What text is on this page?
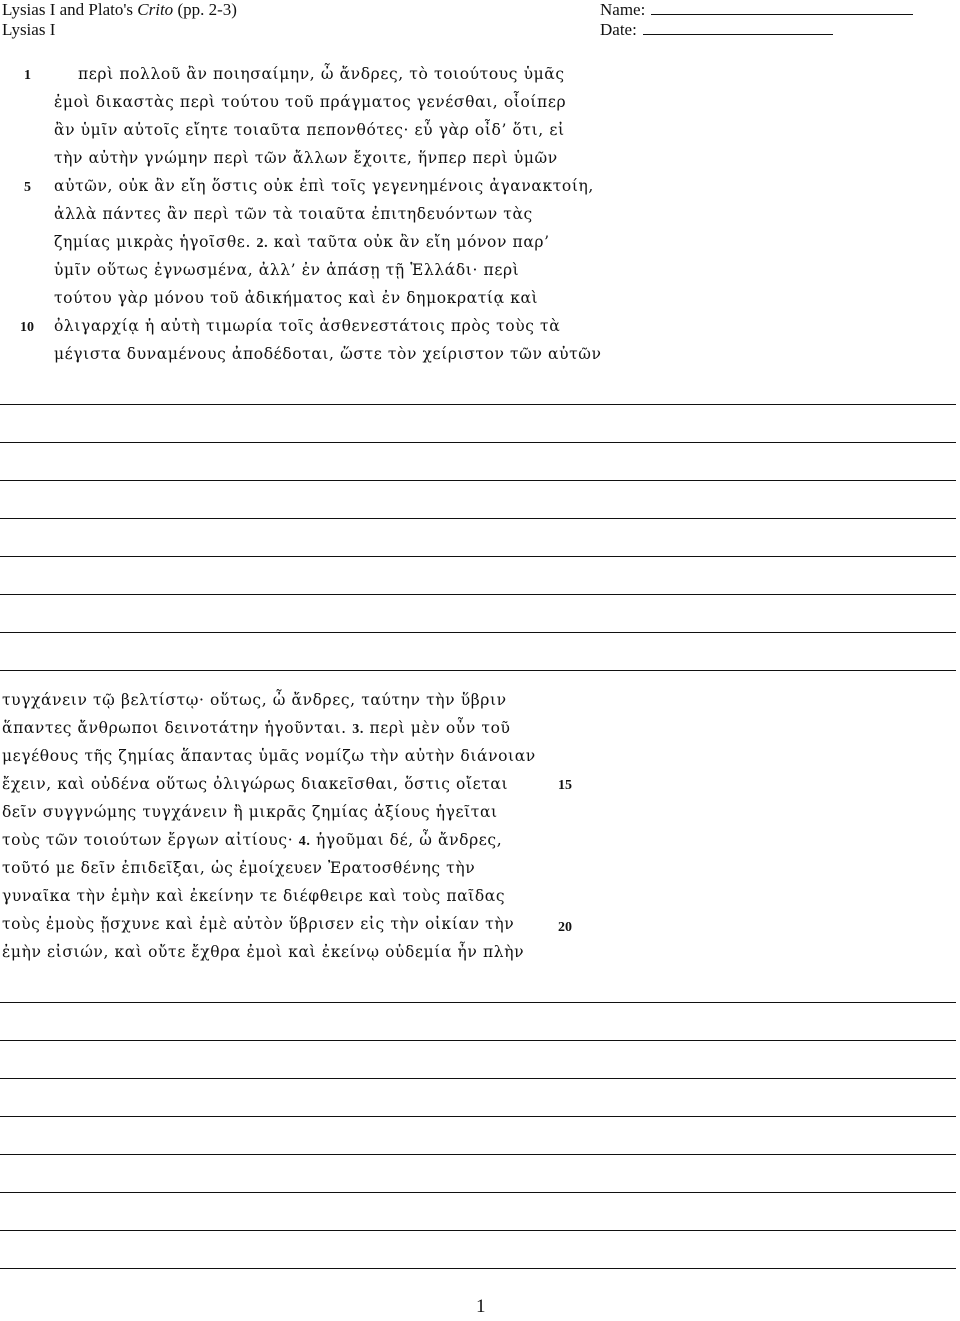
Lysias I and Plato's Crito (pp. 2-3)
Lysias I
Name:
Date:
1
5
10
περὶ πολλοῦ ἂν ποιησαίμην, ὦ ἄνδρες, τὸ τοιούτους ὑμᾶς
ἐμοὶ δικαστὰς περὶ τούτου τοῦ πράγματος γενέσθαι, οἷοίπερ
ἂν ὑμῖν αὐτοῖς εἴητε τοιαῦτα πεπονθότες· εὖ γὰρ οἶδ’ ὅτι, εἰ
τὴν αὐτὴν γνώμην περὶ τῶν ἄλλων ἔχοιτε, ἥνπερ περὶ ὑμῶν
αὐτῶν, οὐκ ἂν εἴη ὅστις οὐκ ἐπὶ τοῖς γεγενημένοις ἀγανακτοίη,
ἀλλὰ πάντες ἂν περὶ τῶν τὰ τοιαῦτα ἐπιτηδευόντων τὰς
ζημίας μικρὰς ἡγοῖσθε. 2. καὶ ταῦτα οὐκ ἂν εἴη μόνον παρ’
ὑμῖν οὕτως ἐγνωσμένα, ἀλλ’ ἐν ἁπάσῃ τῇ Ἑλλάδι· περὶ
τούτου γὰρ μόνου τοῦ ἀδικήματος καὶ ἐν δημοκρατίᾳ καὶ
ὀλιγαρχίᾳ ἡ αὐτὴ τιμωρία τοῖς ἀσθενεστάτοις πρὸς τοὺς τὰ
μέγιστα δυναμένους ἀποδέδοται, ὥστε τὸν χείριστον τῶν αὐτῶν
τυγχάνειν τῷ βελτίστῳ· οὕτως, ὦ ἄνδρες, ταύτην τὴν ὕβριν
ἅπαντες ἄνθρωποι δεινοτάτην ἡγοῦνται. 3. περὶ μὲν οὖν τοῦ
μεγέθους τῆς ζημίας ἅπαντας ὑμᾶς νομίζω τὴν αὐτὴν διάνοιαν
ἔχειν, καὶ οὐδένα οὕτως ὀλιγώρως διακεῖσθαι, ὅστις οἴεται
δεῖν συγγνώμης τυγχάνειν ἢ μικρᾶς ζημίας ἀξίους ἡγεῖται
τοὺς τῶν τοιούτων ἔργων αἰτίους· 4. ἡγοῦμαι δέ, ὦ ἄνδρες,
τοῦτό με δεῖν ἐπιδεῖξαι, ὡς ἐμοίχευεν Ἐρατοσθένης τὴν
γυναῖκα τὴν ἐμὴν καὶ ἐκείνην τε διέφθειρε καὶ τοὺς παῖδας
τοὺς ἐμοὺς ᾔσχυνε καὶ ἐμὲ αὐτὸν ὕβρισεν εἰς τὴν οἰκίαν τὴν
ἐμὴν εἰσιών, καὶ οὔτε ἔχθρα ἐμοὶ καὶ ἐκείνῳ οὐδεμία ἦν πλὴν
15
20
1
